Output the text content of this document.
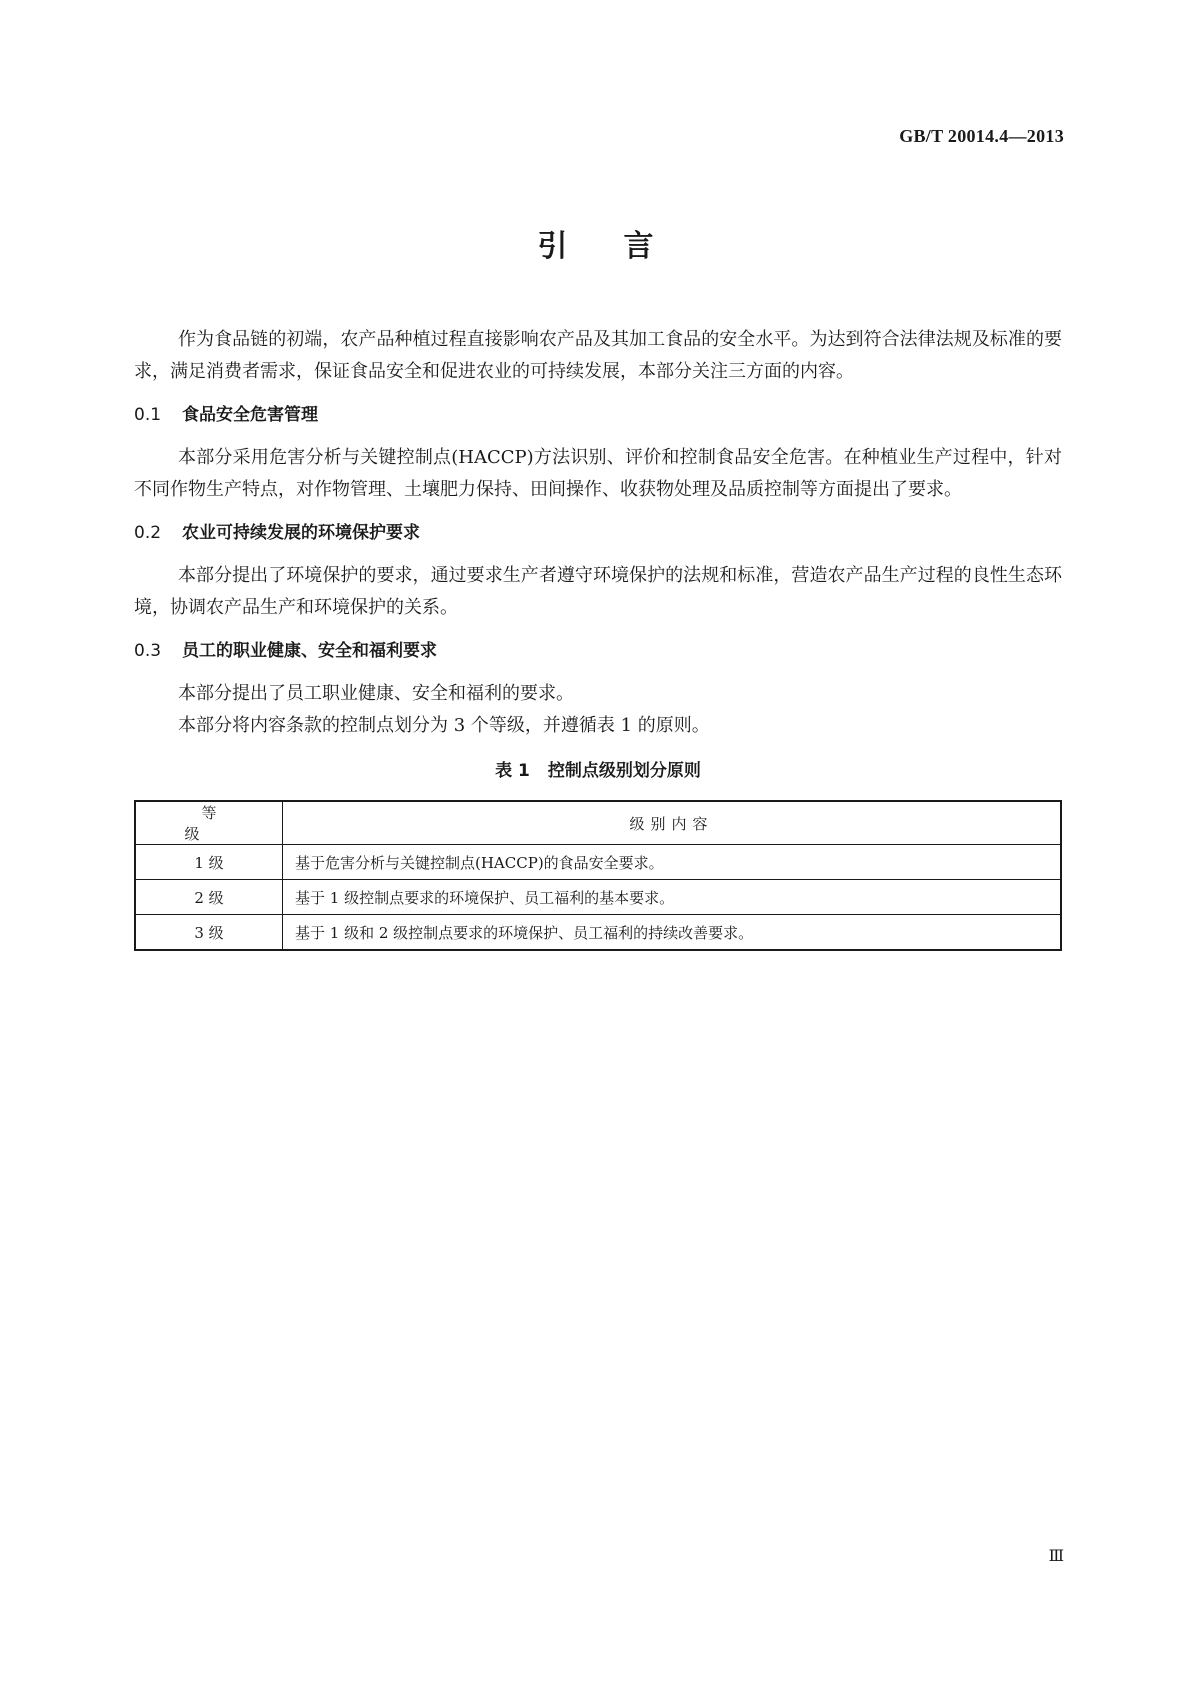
GB/T 20014.4—2013
引言

作为食品链的初端，农产品种植过程直接影响农产品及其加工食品的安全水平。为达到符合法律法规及标准的要求，满足消费者需求，保证食品安全和促进农业的可持续发展，本部分关注三方面的内容。

0.1 食品安全危害管理

本部分采用危害分析与关键控制点(HACCP)方法识别、评价和控制食品安全危害。在种植业生产过程中，针对不同作物生产特点，对作物管理、土壤肥力保持、田间操作、收获物处理及品质控制等方面提出了要求。

0.2 农业可持续发展的环境保护要求

本部分提出了环境保护的要求，通过要求生产者遵守环境保护的法规和标准，营造农产品生产过程的良性生态环境，协调农产品生产和环境保护的关系。

0.3 员工的职业健康、安全和福利要求

本部分提出了员工职业健康、安全和福利的要求。

本部分将内容条款的控制点划分为 3 个等级，并遵循表 1 的原则。

表 1 控制点级别划分原则
等级	级别内容
1 级	基于危害分析与关键控制点(HACCP)的食品安全要求。
2 级	基于 1 级控制点要求的环境保护、员工福利的基本要求。
3 级	基于 1 级和 2 级控制点要求的环境保护、员工福利的持续改善要求。
Ⅲ
